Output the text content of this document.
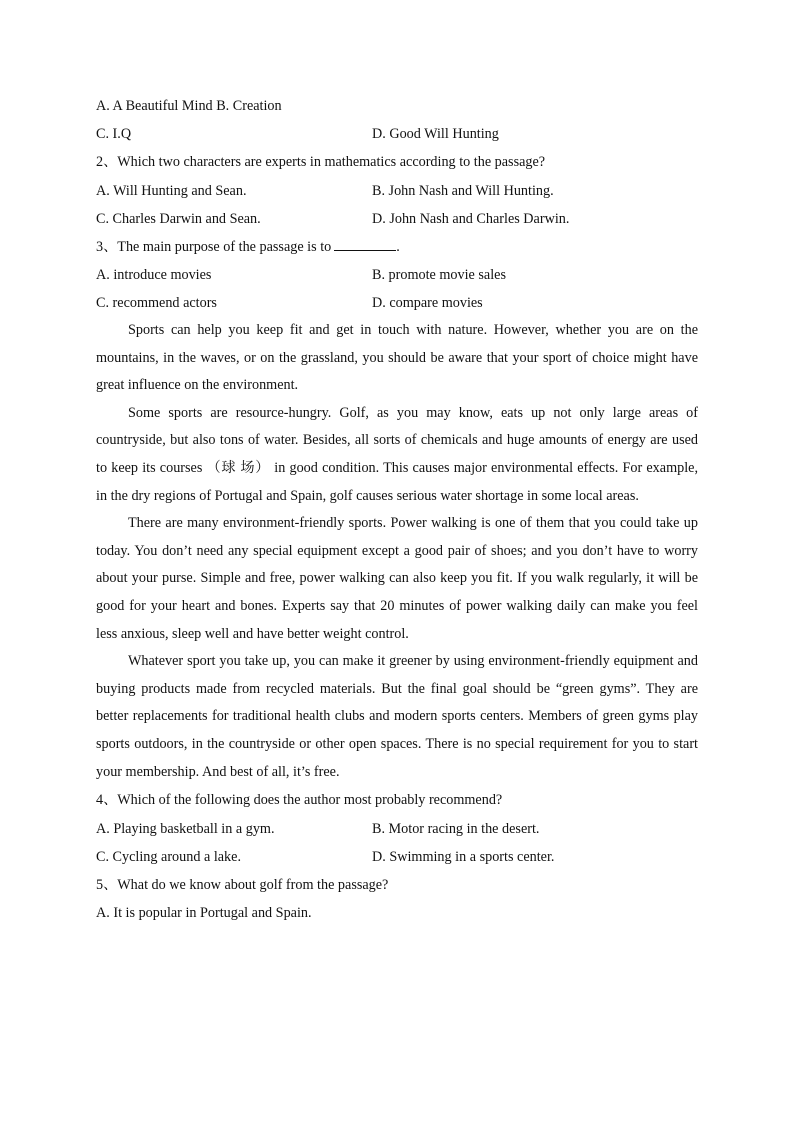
A. A Beautiful Mind B. Creation
C. I.Q	D. Good Will Hunting
2、Which two characters are experts in mathematics according to the passage?
A. Will Hunting and Sean.	B. John Nash and Will Hunting.
C. Charles Darwin and Sean.	D. John Nash and Charles Darwin.
3、The main purpose of the passage is to	.
A. introduce movies	B. promote movie sales
C. recommend actors	D. compare movies

Sports can help you keep fit and get in touch with nature. However, whether you are on the mountains, in the waves, or on the grassland, you should be aware that your sport of choice might have great influence on the environment.

Some sports are resource-hungry. Golf, as you may know, eats up not only large areas of countryside, but also tons of water. Besides, all sorts of chemicals and huge amounts of energy are used to keep its courses （球 场） in good condition. This causes major environmental effects. For example, in the dry regions of Portugal and Spain, golf causes serious water shortage in some local areas.

There are many environment-friendly sports. Power walking is one of them that you could take up today. You don’t need any special equipment except a good pair of shoes; and you don’t have to worry about your purse. Simple and free, power walking can also keep you fit. If you walk regularly, it will be good for your heart and bones. Experts say that 20 minutes of power walking daily can make you feel less anxious, sleep well and have better weight control.

Whatever sport you take up, you can make it greener by using environment-friendly equipment and buying products made from recycled materials. But the final goal should be “green gyms”. They are better replacements for traditional health clubs and modern sports centers. Members of green gyms play sports outdoors, in the countryside or other open spaces. There is no special requirement for you to start your membership. And best of all, it’s free.

4、Which of the following does the author most probably recommend?
A. Playing basketball in a gym.	B. Motor racing in the desert.
C. Cycling around a lake.	D. Swimming in a sports center.
5、What do we know about golf from the passage?
A. It is popular in Portugal and Spain.
